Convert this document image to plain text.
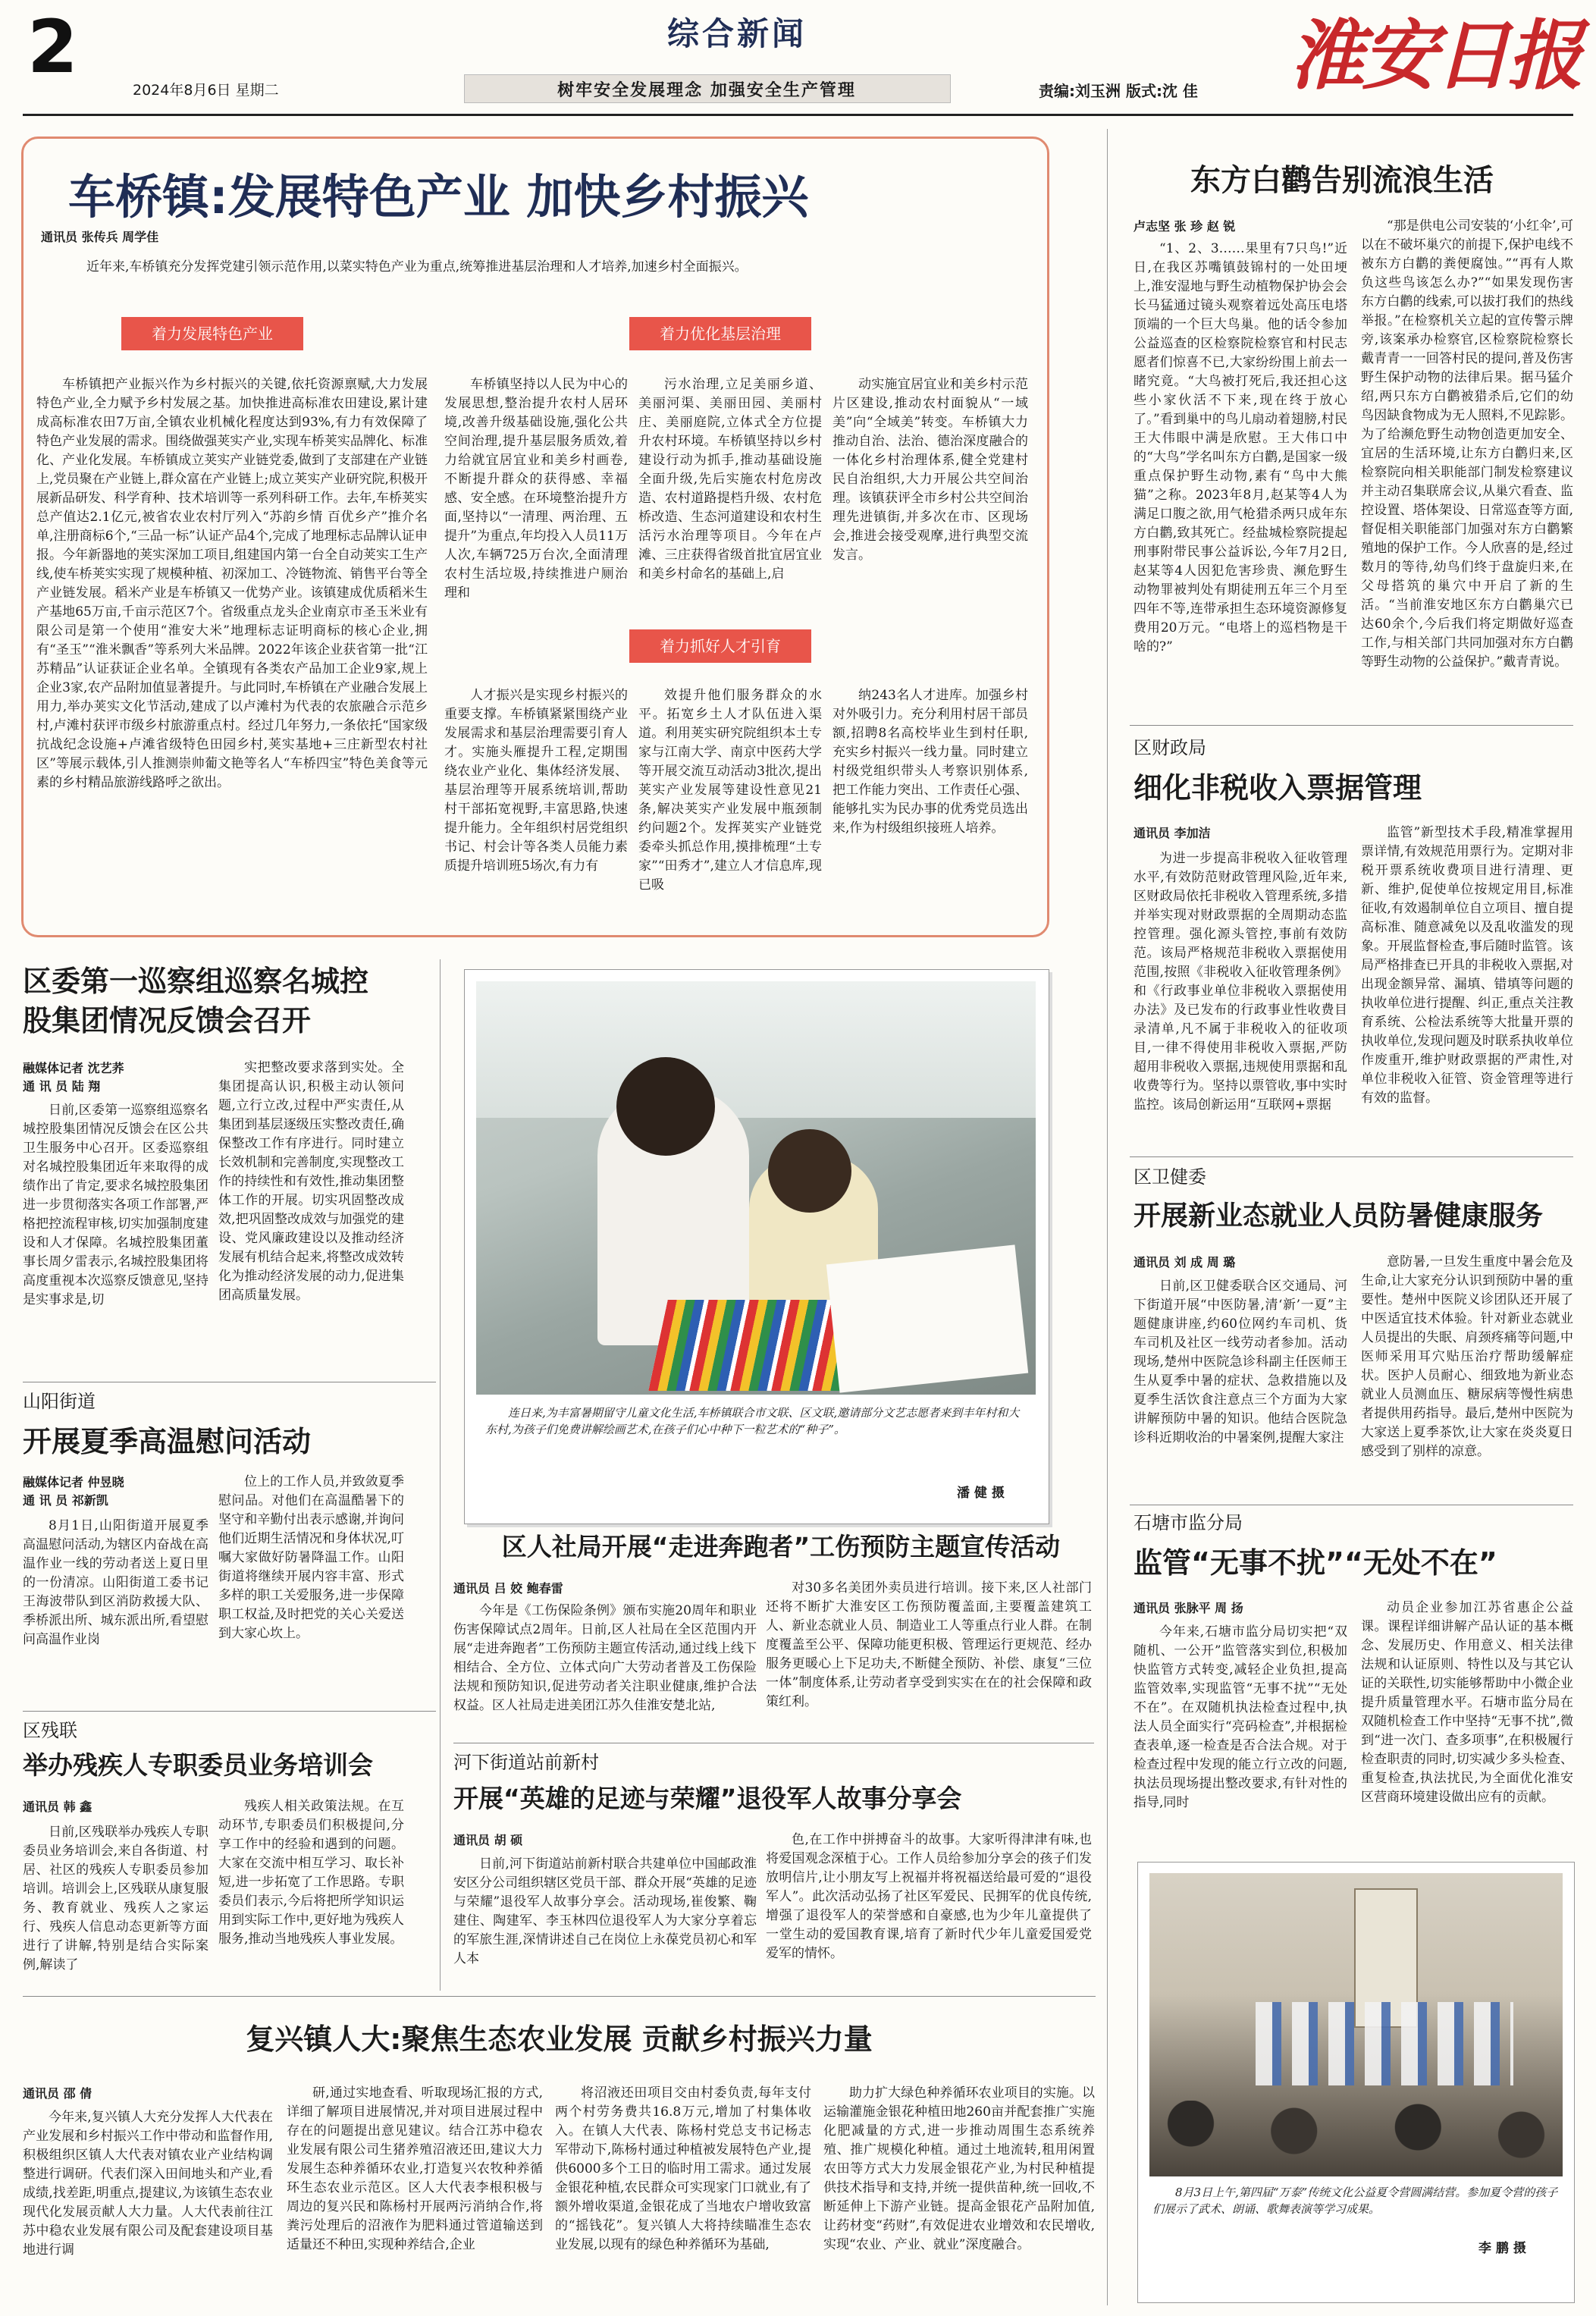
2	综合新闻
2024年8月6日 星期二	树牢安全发展理念 加强安全生产管理	责编:刘玉洲 版式:沈 佳 淮安日报
车桥镇:发展特色产业 加快乡村振兴
通讯员 张传兵 周学佳
近年来,车桥镇充分发挥党建引领示范作用,以菜实特色产业为重点,统筹推进基层治理和人才培养,加速乡村全面振兴。
着力发展特色产业	着力优化基层治理
着力抓好人才引育
车桥镇把产业振兴作为乡村振兴的关键,依托资源禀赋,大力发展特色产业,全力赋予乡村发展之基。加快推进高标准农田建设,累计建成高标准农田7万亩,全镇农业机械化程度达到93%,有力有效保障了特色产业发展的需求。围绕做强荚实产业,实现车桥荚实品牌化、标准化、产业化发展。车桥镇成立荚实产业链党委,做到了支部建在产业链上,党员聚在产业链上,群众富在产业链上;成立荚实产业研究院,积极开展新品研发、科学育种、技术培训等一系列科研工作。去年,车桥荚实总产值达2.1亿元,被省农业农村厅列入“苏韵乡情 百优乡产”推介名单,注册商标6个,“三品一标”认证产品4个,完成了地理标志品牌认证申报。今年新器地的荚实深加工项目,组建国内第一台全自动荚实工生产线,使车桥荚实实现了规模种植、初深加工、冷链物流、销售平台等全产业链发展。稻米产业是车桥镇又一优势产业。该镇建成优质稻米生产基地65万亩,千亩示范区7个。省级重点龙头企业南京市圣玉米业有限公司是第一个使用“淮安大米”地理标志证明商标的核心企业,拥有“圣玉”“淮米飘香”等系列大米品牌。2022年该企业获省第一批“江苏精品”认证获证企业名单。全镇现有各类农产品加工企业9家,规上企业3家,农产品附加值显著提升。与此同时,车桥镇在产业融合发展上用力,举办荚实文化节活动,建成了以卢滩村为代表的农旅融合示范乡村,卢滩村获评市级乡村旅游重点村。经过几年努力,一条依托“国家级抗战纪念设施+卢滩省级特色田园乡村,荚实基地+三庄新型农村社区”等展示载体,引人推测崇帅葡文艳等名人“车桥四宝”特色美食等元素的乡村精品旅游线路呼之欲出。
车桥镇坚持以人民为中心的发展思想,整治提升农村人居环境,改善升级基础设施,强化公共空间治理,提升基层服务质效,着力给就宜居宜业和美乡村画卷,不断提升群众的获得感、幸福感、安全感。在环境整治提升方面,坚持以“一清理、两治理、五提升”为重点,年均投入人员11万人次,车辆725万台次,全面清理农村生活垃圾,持续推进户厕治理和
污水治理,立足美丽乡道、美丽河渠、美丽田园、美丽村庄、美丽庭院,立体式全方位提升农村环境。车桥镇坚持以乡村建设行动为抓手,推动基础设施全面升级,先后实施农村危房改造、农村道路提档升级、农村危桥改造、生态河道建设和农村生活污水治理等项目。今年在卢滩、三庄获得省级首批宜居宜业和美乡村命名的基础上,启
动实施宜居宜业和美乡村示范片区建设,推动农村面貌从“一域美”向“全域美”转变。车桥镇大力推动自治、法治、德治深度融合的一体化乡村治理体系,健全党建村民自治组织,大力开展公共空间治理。该镇获评全市乡村公共空间治理先进镇街,并多次在市、区现场会,推进会接受观摩,进行典型交流发言。
人才振兴是实现乡村振兴的重要支撑。车桥镇紧紧围绕产业发展需求和基层治理需要引育人才。实施头雁提升工程,定期围绕农业产业化、集体经济发展、基层治理等开展系统培训,帮助村干部拓宽视野,丰富思路,快速提升能力。全年组织村居党组织书记、村会计等各类人员能力素质提升培训班5场次,有力有
效提升他们服务群众的水平。拓宽乡土人才队伍进入渠道。利用荚实研究院组织本土专家与江南大学、南京中医药大学等开展交流互动活动3批次,提出荚实产业发展等建设性意见21条,解决荚实产业发展中瓶颈制约问题2个。发挥荚实产业链党委牵头抓总作用,摸排梳理“土专家”“田秀才”,建立人才信息库,现已吸
纳243名人才进库。加强乡村对外吸引力。充分利用村居干部员额,招聘8名高校毕业生到村任职,充实乡村振兴一线力量。同时建立村级党组织带头人考察识别体系,把工作能力突出、工作责任心强、能够扎实为民办事的优秀党员选出来,作为村级组织接班人培养。
东方白鹳告别流浪生活
卢志坚 张 珍 赵 锐
“1、2、3……果里有7只鸟!”近日,在我区苏嘴镇鼓锦村的一处田埂上,淮安湿地与野生动植物保护协会会长马猛通过镜头观察着远处高压电塔顶端的一个巨大鸟巢。他的话令参加公益巡查的区检察院检察官和村民志愿者们惊喜不已,大家纷纷围上前去一睹究竟。“大鸟被打死后,我还担心这些小家伙活不下来,现在终于放心了。”看到巢中的鸟儿扇动着翅膀,村民王大伟眼中满是欣慰。王大伟口中的“大鸟”学名叫东方白鹳,是国家一级重点保护野生动物,素有“鸟中大熊猫”之称。2023年8月,赵某等4人为满足口腹之欲,用气枪猎杀两只成年东方白鹳,致其死亡。经盐城检察院提起刑事附带民事公益诉讼,今年7月2日,赵某等4人因犯危害珍贵、濒危野生动物罪被判处有期徒刑五年三个月至四年不等,连带承担生态环境资源修复费用20万元。“电塔上的巡档物是干啥的?”
“那是供电公司安装的‘小红伞’,可以在不破坏巢穴的前提下,保护电线不被东方白鹳的粪便腐蚀。”“再有人欺负这些鸟该怎么办?”“如果发现伤害东方白鹳的线索,可以拔打我们的热线举报。”在检察机关立起的宣传警示牌旁,该案承办检察官,区检察院检察长戴青青一一回答村民的提问,普及伤害野生保护动物的法律后果。据马猛介绍,两只东方白鹳被猎杀后,它们的幼鸟因缺食物成为无人照料,不见踪影。为了给濒危野生动物创造更加安全、宜居的生活环境,让东方白鹳归来,区检察院向相关职能部门制发检察建议并主动召集联席会议,从巢穴看查、监控设置、塔体架设、日常巡查等方面,督促相关职能部门加强对东方白鹳繁殖地的保护工作。今人欣喜的是,经过数月的等待,幼鸟们终于盘旋归来,在父母搭筑的巢穴中开启了新的生活。“当前淮安地区东方白鹳巢穴已达60余个,今后我们将定期做好巡查工作,与相关部门共同加强对东方白鹳等野生动物的公益保护。”戴青青说。
区财政局
细化非税收入票据管理
通讯员 李加洁
为进一步提高非税收入征收管理水平,有效防范财政管理风险,近年来,区财政局依托非税收入管理系统,多措并举实现对财政票据的全周期动态监控管理。强化源头管控,事前有效防范。该局严格规范非税收入票据使用范围,按照《非税收入征收管理条例》和《行政事业单位非税收入票据使用办法》及已发布的行政事业性收费目录清单,凡不属于非税收入的征收项目,一律不得使用非税收入票据,严防超用非税收入票据,违规使用票据和乱收费等行为。坚持以票管收,事中实时监控。该局创新运用“互联网+票据
监管”新型技术手段,精准掌握用票详情,有效规范用票行为。定期对非税开票系统收费项目进行清理、更新、维护,促使单位按规定用目,标准征收,有效遏制单位自立项目、擅自提高标准、随意减免以及乱收滥发的现象。开展监督检查,事后随时监管。该局严格排查已开具的非税收入票据,对出现金额异常、漏填、错填等问题的执收单位进行提醒、纠正,重点关注教育系统、公检法系统等大批量开票的执收单位,发现问题及时联系执收单位作废重开,维护财政票据的严肃性,对单位非税收入征管、资金管理等进行有效的监督。
区卫健委
开展新业态就业人员防暑健康服务
通讯员 刘 成 周 璐
日前,区卫健委联合区交通局、河下街道开展“中医防暑,清‘新’一夏”主题健康讲座,约60位网约车司机、货车司机及社区一线劳动者参加。活动现场,楚州中医院急诊科副主任医师王生从夏季中暑的症状、急救措施以及夏季生活饮食注意点三个方面为大家讲解预防中暑的知识。他结合医院急诊科近期收治的中暑案例,提醒大家注
意防暑,一旦发生重度中暑会危及生命,让大家充分认识到预防中暑的重要性。楚州中医院义诊团队还开展了中医适宜技术体验。针对新业态就业人员提出的失眠、肩颈疼痛等问题,中医师采用耳穴贴压治疗帮助缓解症状。医护人员耐心、细致地为新业态就业人员测血压、糖尿病等慢性病患者提供用药指导。最后,楚州中医院为大家送上夏季茶饮,让大家在炎炎夏日感受到了别样的凉意。
石塘市监分局
监管“无事不扰”“无处不在”
通讯员 张脉平 周 扬
今年来,石塘市监分局切实把“双随机、一公开”监管落实到位,积极加快监管方式转变,减轻企业负担,提高监管效率,实现监管“无事不扰”“无处不在”。在双随机执法检查过程中,执法人员全面实行“亮码检查”,并根据检查表单,逐一检查是否合法合规。对于检查过程中发现的能立行立改的问题,执法员现场提出整改要求,有针对性的指导,同时
动员企业参加江苏省惠企公益课。课程详细讲解产品认证的基本概念、发展历史、作用意义、相关法律法规和认证原则、特性以及与其它认证的关联性,切实能够帮助中小微企业提升质量管理水平。石塘市监分局在双随机检查工作中坚持“无事不扰”,微到“进一次门、查多项事”,在积极履行检查职责的同时,切实减少多头检查、重复检查,执法扰民,为全面优化淮安区营商环境建设做出应有的贡献。
8月3日上午,第四届“万泰”传统文化公益夏令营圆满结营。参加夏令营的孩子们展示了武术、朗诵、歌舞表演等学习成果。
李 鹏 摄
区委第一巡察组巡察名城控股集团情况反馈会召开
融媒体记者 沈艺荞
通 讯 员 陆 翔
日前,区委第一巡察组巡察名城控股集团情况反馈会在区公共卫生服务中心召开。区委巡察组对名城控股集团近年来取得的成绩作出了肯定,要求名城控股集团进一步贯彻落实各项工作部署,严格把控流程审核,切实加强制度建设和人才保障。名城控股集团董事长周夕雷表示,名城控股集团将高度重视本次巡察反馈意见,坚持是实事求是,切
实把整改要求落到实处。全集团提高认识,积极主动认领问题,立行立改,过程中严实责任,从集团到基层逐级压实整改责任,确保整改工作有序进行。同时建立长效机制和完善制度,实现整改工作的持续性和有效性,推动集团整体工作的开展。切实巩固整改成效,把巩固整改成效与加强党的建设、党风廉政建设以及推动经济发展有机结合起来,将整改成效转化为推动经济发展的动力,促进集团高质量发展。
山阳街道
开展夏季高温慰问活动
融媒体记者 仲昱晓
通 讯 员 祁新凯
8月1日,山阳街道开展夏季高温慰问活动,为辖区内奋战在高温作业一线的劳动者送上夏日里的一份清凉。山阳街道工委书记王海波带队到区消防救援大队、季桥派出所、城东派出所,看望慰问高温作业岗
位上的工作人员,并致敛夏季慰问品。对他们在高温酷暑下的坚守和辛勤付出表示感谢,并询问他们近期生活情况和身体状况,叮嘱大家做好防暑降温工作。山阳街道将继续开展内容丰富、形式多样的职工关爱服务,进一步保障职工权益,及时把党的关心关爱送到大家心坎上。
区残联
举办残疾人专职委员业务培训会
通讯员 韩 鑫
日前,区残联举办残疾人专职委员业务培训会,来自各街道、村居、社区的残疾人专职委员参加培训。培训会上,区残联从康复服务、教育就业、残疾人之家运行、残疾人信息动态更新等方面进行了讲解,特别是结合实际案例,解读了
残疾人相关政策法规。在互动环节,专职委员们积极提问,分享工作中的经验和遇到的问题。大家在交流中相互学习、取长补短,进一步拓宽了工作思路。专职委员们表示,今后将把所学知识运用到实际工作中,更好地为残疾人服务,推动当地残疾人事业发展。
连日来,为丰富暑期留守儿童文化生活,车桥镇联合市文联、区文联,邀请部分文艺志愿者来到丰年村和大东村,为孩子们免费讲解绘画艺术,在孩子们心中种下一粒艺术的“种子”。
潘 健 摄
区人社局开展“走进奔跑者”工伤预防主题宣传活动
通讯员 吕 姣 鲍春雷
今年是《工伤保险条例》颁布实施20周年和职业伤害保障试点2周年。日前,区人社局在全区范围内开展“走进奔跑者”工伤预防主题宣传活动,通过线上线下相结合、全方位、立体式向广大劳动者普及工伤保险法规和预防知识,促进劳动者关注职业健康,维护合法权益。区人社局走进美团江苏久佳淮安楚北站,
对30多名美团外卖员进行培训。接下来,区人社部门还将不断扩大淮安区工伤预防覆盖面,主要覆盖建筑工人、新业态就业人员、制造业工人等重点行业人群。在制度覆盖至公平、保障功能更积极、管理运行更规范、经办服务更暖心上下足功夫,不断健全预防、补偿、康复“三位一体”制度体系,让劳动者享受到实实在在的社会保障和政策红利。
河下街道站前新村
开展“英雄的足迹与荣耀”退役军人故事分享会
通讯员 胡 硕
日前,河下街道站前新村联合共建单位中国邮政淮安区分公司组织辖区党员干部、群众开展“英雄的足迹与荣耀”退役军人故事分享会。活动现场,崔俊繁、鞠建住、陶建军、李玉林四位退役军人为大家分享着忘的军旅生涯,深情讲述自己在岗位上永葆党员初心和军人本
色,在工作中拼搏奋斗的故事。大家听得津津有味,也将爱国观念深植于心。工作人员给参加分享会的孩子们发放明信片,让小朋友写上祝福并将祝福送给最可爱的“退役军人”。此次活动弘扬了社区军爱民、民拥军的优良传统,增强了退役军人的荣誉感和自豪感,也为少年儿童提供了一堂生动的爱国教育课,培育了新时代少年儿童爱国爱党爱军的情怀。
复兴镇人大:聚焦生态农业发展 贡献乡村振兴力量
通讯员 邵 倩
今年来,复兴镇人大充分发挥人大代表在产业发展和乡村振兴工作中带动和监督作用,积极组织区镇人大代表对镇农业产业结构调整进行调研。代表们深入田间地头和产业,看成绩,找差距,明重点,提建议,为该镇生态农业现代化发展贡献人大力量。人大代表前往江苏中稳农业发展有限公司及配套建设项目基地进行调
研,通过实地查看、听取现场汇报的方式,详细了解项目进展情况,并对项目进展过程中存在的问题提出意见建议。结合江苏中稳农业发展有限公司生猪养殖沼液还田,建议大力发展生态种养循环农业,打造复兴农牧种养循环生态农业示范区。区人大代表李根积极与周边的复兴民和陈杨村开展两污消纳合作,将粪污处理后的沼液作为肥料通过管道输送到适量还不种田,实现种养结合,企业
将沼液还田项目交由村委负责,每年支付两个村劳务费共16.8万元,增加了村集体收入。在镇人大代表、陈杨村党总支书记杨志军带动下,陈杨村通过种植被发展特色产业,提供6000多个工日的临时用工需求。通过发展金银花种植,农民群众可实现家门口就业,有了额外增收渠道,金银花成了当地农户增收致富的“摇钱花”。复兴镇人大将持续瞄准生态农业发展,以现有的绿色种养循环为基础,
助力扩大绿色种养循环农业项目的实施。以运输灌施金银花种植田地260亩并配套推广实施化肥减量的方式,进一步推动周围生态系统养殖、推广规模化种植。通过土地流转,租用闲置农田等方式大力发展金银花产业,为村民种植提供技术指导和支持,并统一提供苗种,统一回收,不断延伸上下游产业链。提高金银花产品附加值,让药材变“药财”,有效促进农业增效和农民增收,实现“农业、产业、就业”深度融合。
